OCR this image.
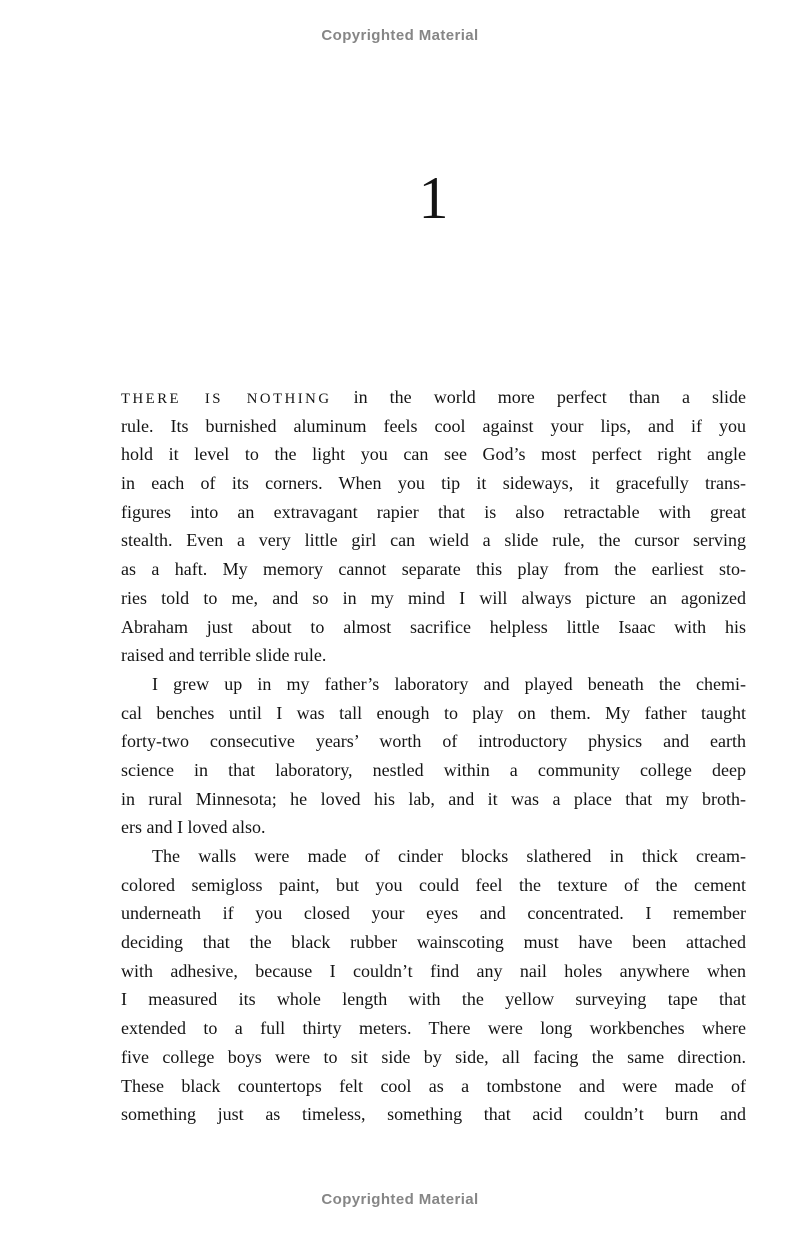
Copyrighted Material
1
THERE IS NOTHING in the world more perfect than a slide
rule. Its burnished aluminum feels cool against your lips, and if you
hold it level to the light you can see God’s most perfect right angle
in each of its corners. When you tip it sideways, it gracefully trans-
figures into an extravagant rapier that is also retractable with great
stealth. Even a very little girl can wield a slide rule, the cursor serving
as a haft. My memory cannot separate this play from the earliest sto-
ries told to me, and so in my mind I will always picture an agonized
Abraham just about to almost sacrifice helpless little Isaac with his
raised and terrible slide rule.
I grew up in my father’s laboratory and played beneath the chemi-
cal benches until I was tall enough to play on them. My father taught
forty-two consecutive years’ worth of introductory physics and earth
science in that laboratory, nestled within a community college deep
in rural Minnesota; he loved his lab, and it was a place that my broth-
ers and I loved also.
The walls were made of cinder blocks slathered in thick cream-
colored semigloss paint, but you could feel the texture of the cement
underneath if you closed your eyes and concentrated. I remember
deciding that the black rubber wainscoting must have been attached
with adhesive, because I couldn’t find any nail holes anywhere when
I measured its whole length with the yellow surveying tape that
extended to a full thirty meters. There were long workbenches where
five college boys were to sit side by side, all facing the same direction.
These black countertops felt cool as a tombstone and were made of
something just as timeless, something that acid couldn’t burn and
Copyrighted Material
